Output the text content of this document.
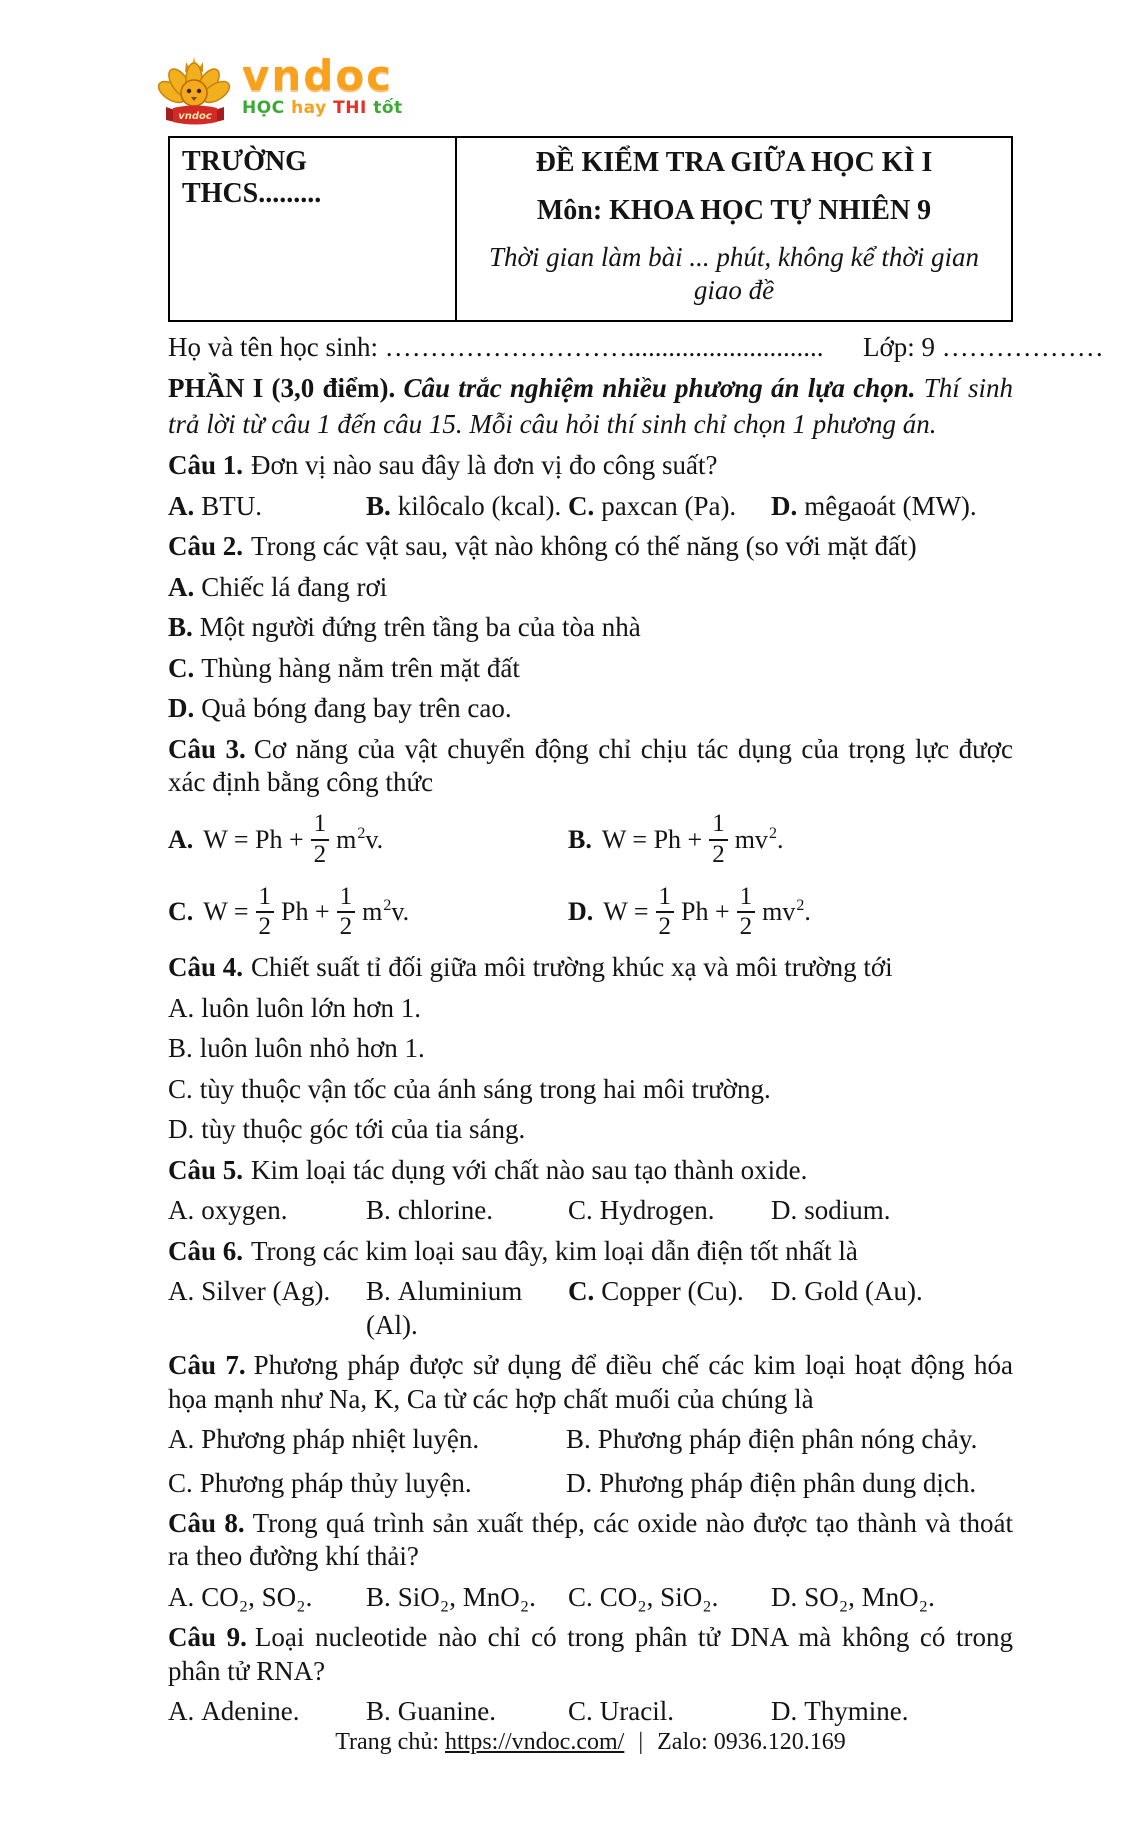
vndoc
vndoc
HỌC hay THI tốt
TRƯỜNG THCS.........
ĐỀ KIỂM TRA GIỮA HỌC KÌ I
Môn: KHOA HỌC TỰ NHIÊN 9
Thời gian làm bài ... phút, không kể thời gian giao đề
Họ và tên học sinh: ………………………............................. Lớp: 9 ………………
PHẦN I (3,0 điểm). Câu trắc nghiệm nhiều phương án lựa chọn. Thí sinh trả lời từ câu 1 đến câu 15. Mỗi câu hỏi thí sinh chỉ chọn 1 phương án.
Câu 1. Đơn vị nào sau đây là đơn vị đo công suất?
A. BTU.	B. kilôcalo (kcal). C. paxcan (Pa).	D. mêgaoát (MW).
Câu 2. Trong các vật sau, vật nào không có thế năng (so với mặt đất)
A. Chiếc lá đang rơi
B. Một người đứng trên tầng ba của tòa nhà
C. Thùng hàng nằm trên mặt đất
D. Quả bóng đang bay trên cao.
Câu 3. Cơ năng của vật chuyển động chỉ chịu tác dụng của trọng lực được xác định bằng công thức
A. $W = Ph + \frac{1}{2} m^2v$.	B. $W = Ph + \frac{1}{2} mv^2$.
C. $W = \frac{1}{2}$ $Ph + \frac{1}{2} m^2v$.	D. $W = \frac{1}{2}$ $Ph + \frac{1}{2} mv^2$.
Câu 4. Chiết suất tỉ đối giữa môi trường khúc xạ và môi trường tới
A. luôn luôn lớn hơn 1.
B. luôn luôn nhỏ hơn 1.
C. tùy thuộc vận tốc của ánh sáng trong hai môi trường.
D. tùy thuộc góc tới của tia sáng.
Câu 5. Kim loại tác dụng với chất nào sau tạo thành oxide.
A. oxygen.	B. chlorine.	C. Hydrogen.	D. sodium.
Câu 6. Trong các kim loại sau đây, kim loại dẫn điện tốt nhất là
A. Silver (Ag).	B. Aluminium (Al).
C. Copper (Cu).	D. Gold (Au).
Câu 7. Phương pháp được sử dụng để điều chế các kim loại hoạt động hóa họa mạnh như Na, K, Ca từ các hợp chất muối của chúng là
A. Phương pháp nhiệt luyện.	B. Phương pháp điện phân nóng chảy.
C. Phương pháp thủy luyện.	D. Phương pháp điện phân dung dịch.
Câu 8. Trong quá trình sản xuất thép, các oxide nào được tạo thành và thoát ra theo đường khí thải?
A. CO₂, SO₂.	B. SiO₂, MnO₂.	C. CO₂, SiO₂.	D. SO₂, MnO₂.
Câu 9. Loại nucleotide nào chỉ có trong phân tử DNA mà không có trong phân tử RNA?
A. Adenine.	B. Guanine.	C. Uracil.	D. Thymine.
Trang chủ: https://vndoc.com/ | Zalo: 0936.120.169
